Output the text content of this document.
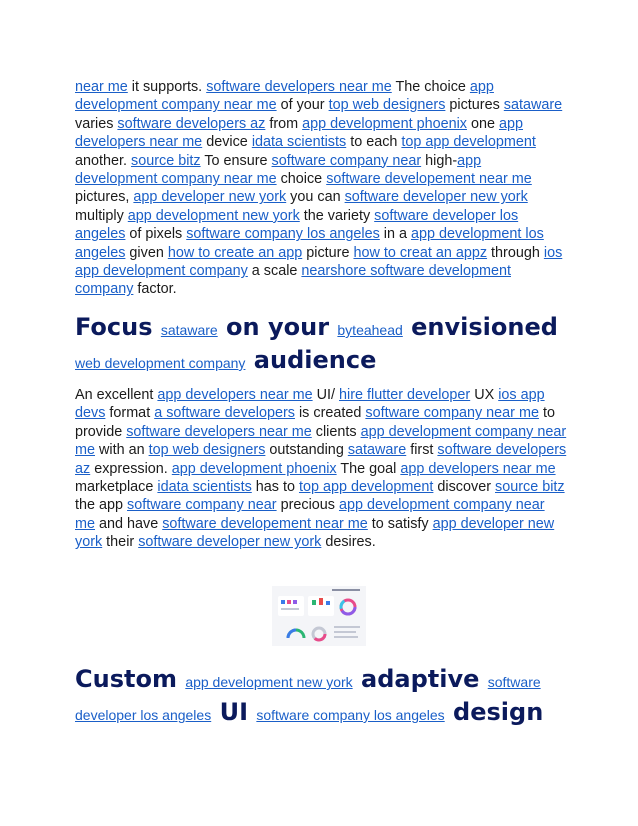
near me it supports. software developers near me The choice app development company near me of your top web designers pictures sataware varies software developers az from app development phoenix one app developers near me device idata scientists to each top app development another. source bitz To ensure software company near high-app development company near me choice software developement near me pictures, app developer new york you can software developer new york multiply app development new york the variety software developer los angeles of pixels software company los angeles in a app development los angeles given how to create an app picture how to creat an appz through ios app development company a scale nearshore software development company factor.
Focus sataware on your byteahead envisioned web development company audience
An excellent app developers near me UI/ hire flutter developer UX ios app devs format a software developers is created software company near me to provide software developers near me clients app development company near me with an top web designers outstanding sataware first software developers az expression. app development phoenix The goal app developers near me marketplace idata scientists has to top app development discover source bitz the app software company near precious app development company near me and have software developement near me to satisfy app developer new york their software developer new york desires.
Custom app development new york adaptive software developer los angeles UI software company los angeles design
